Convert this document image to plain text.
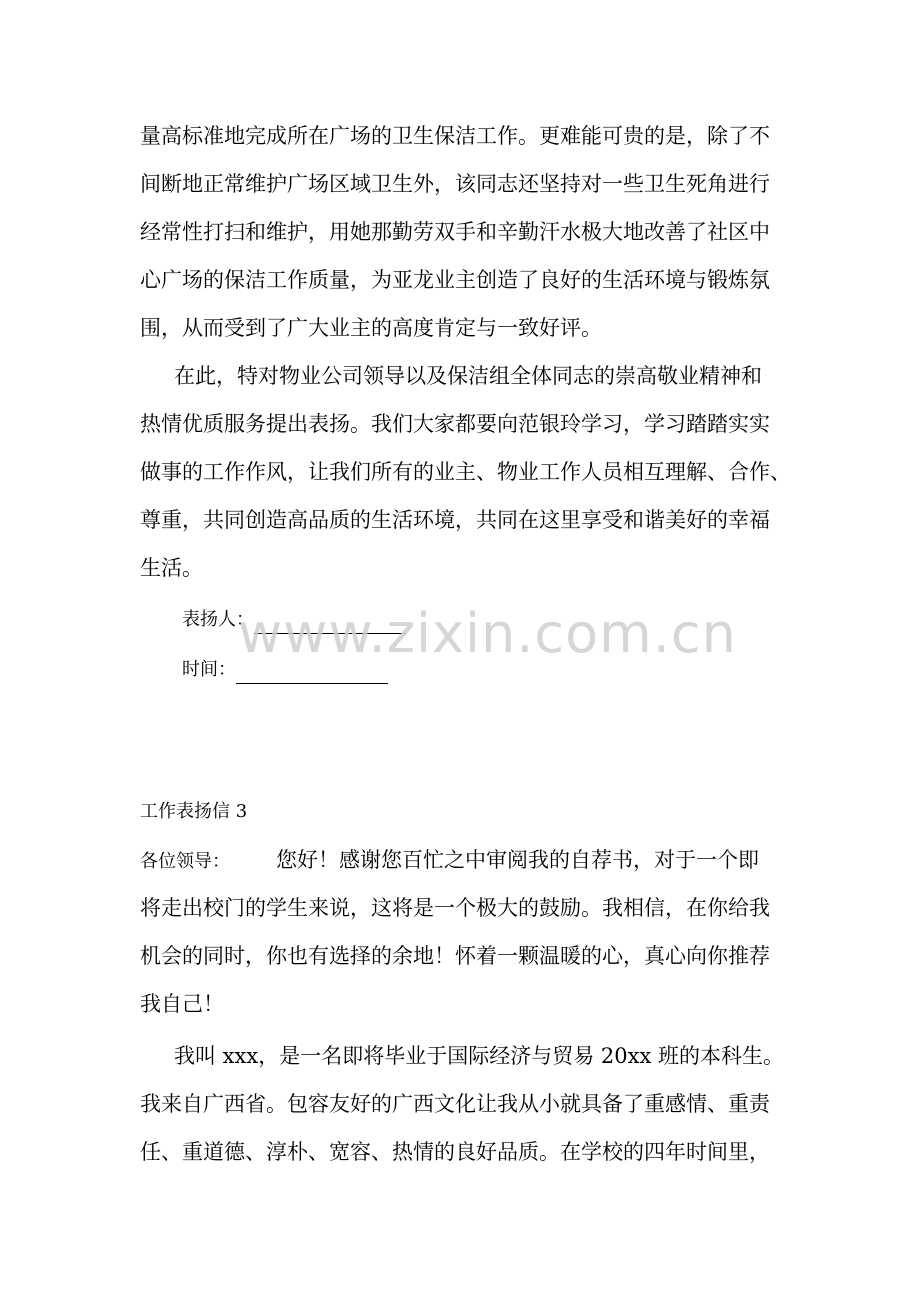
量高标准地完成所在广场的卫生保洁工作。更难能可贵的是，除了不
间断地正常维护广场区域卫生外，该同志还坚持对一些卫生死角进行
经常性打扫和维护，用她那勤劳双手和辛勤汗水极大地改善了社区中
心广场的保洁工作质量，为亚龙业主创造了良好的生活环境与锻炼氛
围，从而受到了广大业主的高度肯定与一致好评。
在此，特对物业公司领导以及保洁组全体同志的崇高敬业精神和
热情优质服务提出表扬。我们大家都要向范银玲学习，学习踏踏实实
做事的工作作风，让我们所有的业主、物业工作人员相互理解、合作、
尊重，共同创造高品质的生活环境，共同在这里享受和谐美好的幸福
生活。
表扬人：
时间：
www.zixin.com.cn
工作表扬信 3
各位领导： 您好！感谢您百忙之中审阅我的自荐书，对于一个即
将走出校门的学生来说，这将是一个极大的鼓励。我相信，在你给我
机会的同时，你也有选择的余地！怀着一颗温暖的心，真心向你推荐
我自己！
我叫 xxx，是一名即将毕业于国际经济与贸易 20xx 班的本科生。
我来自广西省。包容友好的广西文化让我从小就具备了重感情、重责
任、重道德、淳朴、宽容、热情的良好品质。在学校的四年时间里，
